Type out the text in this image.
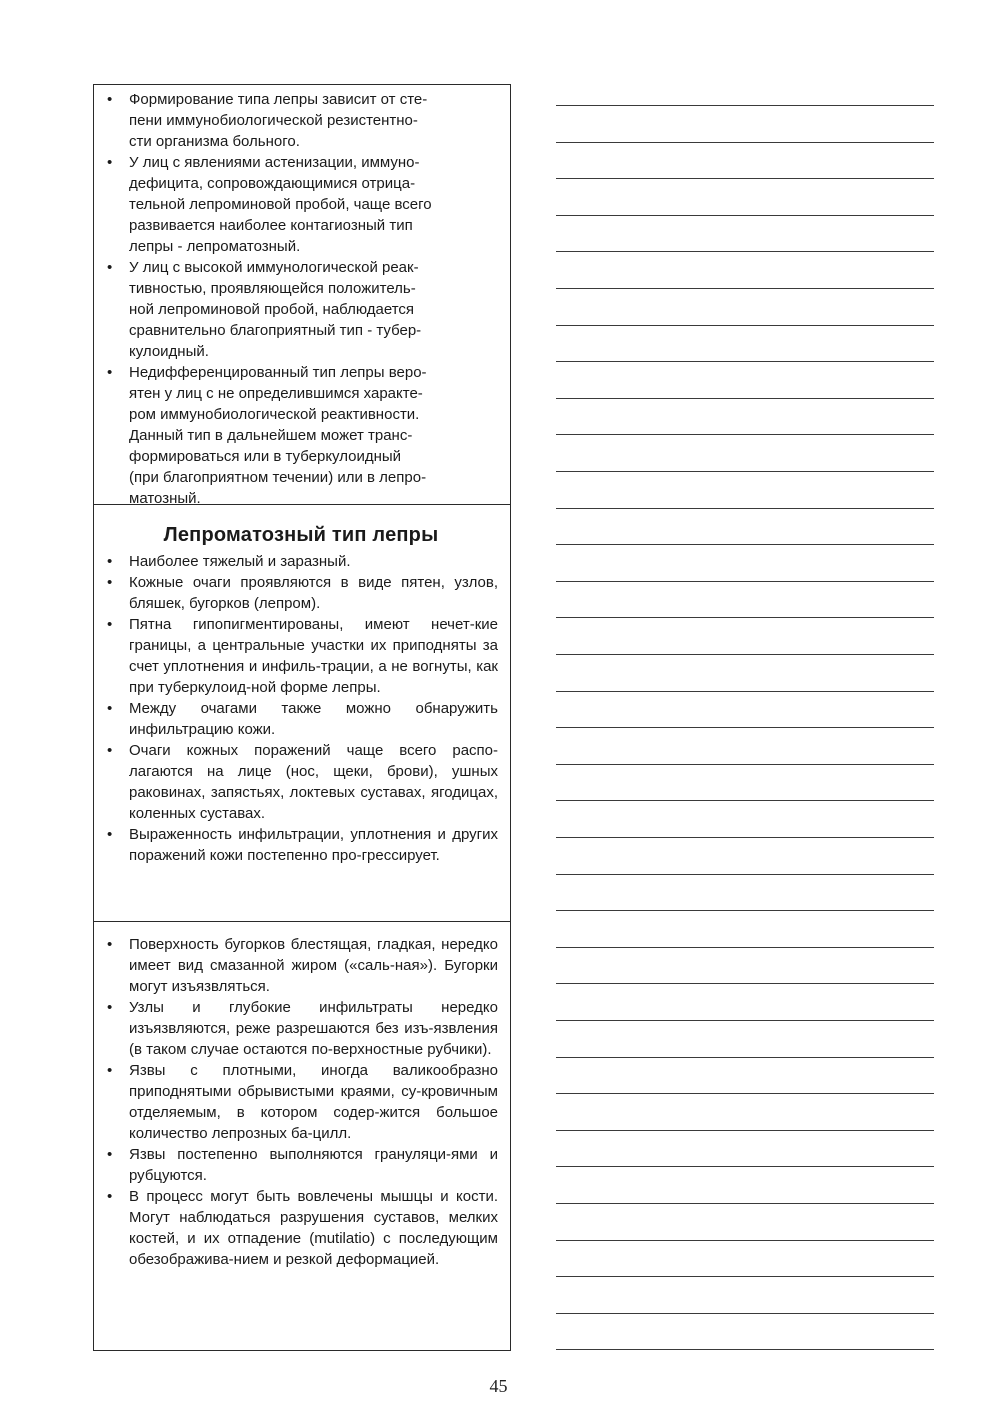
• Формирование типа лепры зависит от сте-
пени иммунобиологической резистентно-
сти организма больного.
• У лиц с явлениями астенизации, иммуно-
дефицита, сопровождающимися отрица-
тельной лепроминовой пробой, чаще всего
развивается наиболее контагиозный тип
лепры - лепроматозный.
• У лиц с высокой иммунологической реак-
тивностью, проявляющейся положитель-
ной лепроминовой пробой, наблюдается
сравнительно благоприятный тип - тубер-
кулоидный.
• Недифференцированный тип лепры веро-
ятен у лиц с не определившимся характе-
ром иммунобиологической реактивности.
Данный тип в дальнейшем может транс-
формироваться или в туберкулоидный
(при благоприятном течении) или в лепро-
матозный.
Лепроматозный тип лепры
• Наиболее тяжелый и заразный.
• Кожные очаги проявляются в виде пятен, узлов, бляшек, бугорков (лепром).
• Пятна гипопигментированы, имеют нечет-кие границы, а центральные участки их приподняты за счет уплотнения и инфиль-трации, а не вогнуты, как при туберкулоид-ной форме лепры.
• Между очагами также можно обнаружить инфильтрацию кожи.
• Очаги кожных поражений чаще всего распо-лагаются на лице (нос, щеки, брови), ушных раковинах, запястьях, локтевых суставах, ягодицах, коленных суставах.
• Выраженность инфильтрации, уплотнения и других поражений кожи постепенно про-грессирует.
• Поверхность бугорков блестящая, гладкая, нередко имеет вид смазанной жиром («саль-ная»). Бугорки могут изъязвляться.
• Узлы и глубокие инфильтраты нередко изъязвляются, реже разрешаются без изъ-язвления (в таком случае остаются по-верхностные рубчики).
• Язвы с плотными, иногда валикообразно приподнятыми обрывистыми краями, су-кровичным отделяемым, в котором содер-жится большое количество лепрозных ба-цилл.
• Язвы постепенно выполняются грануляци-ями и рубцуются.
• В процесс могут быть вовлечены мышцы и кости. Могут наблюдаться разрушения суставов, мелких костей, и их отпадение (mutilatio) с последующим обезображива-нием и резкой деформацией.
45
